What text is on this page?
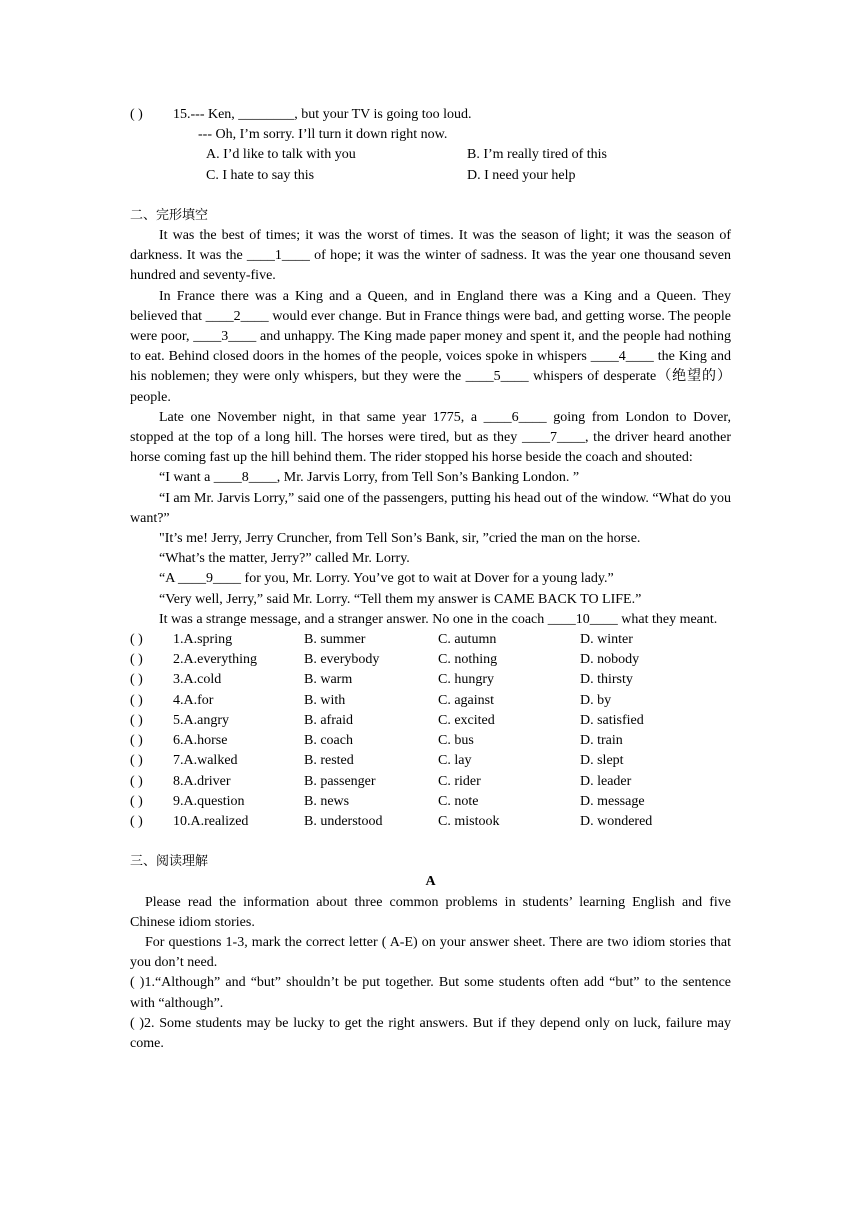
( )	15.--- Ken, ________, but your TV is going too loud.
--- Oh, I’m sorry. I’ll turn it down right now.
A. I’d like to talk with you	B. I’m really tired of this
C. I hate to say this	D. I need your help
二、完形填空

It was the best of times; it was the worst of times. It was the season of light; it was the season of darkness. It was the ____1____ of hope; it was the winter of sadness. It was the year one thousand seven hundred and seventy-five.

In France there was a King and a Queen, and in England there was a King and a Queen. They believed that ____2____ would ever change. But in France things were bad, and getting worse. The people were poor, ____3____ and unhappy. The King made paper money and spent it, and the people had nothing to eat. Behind closed doors in the homes of the people, voices spoke in whispers ____4____ the King and his noblemen; they were only whispers, but they were the ____5____ whispers of desperate（绝望的）people.

Late one November night, in that same year 1775, a ____6____ going from London to Dover, stopped at the top of a long hill. The horses were tired, but as they ____7____, the driver heard another horse coming fast up the hill behind them. The rider stopped his horse beside the coach and shouted:

“I want a ____8____, Mr. Jarvis Lorry, from Tell Son’s Banking London. ”

“I am Mr. Jarvis Lorry,” said one of the passengers, putting his head out of the window. “What do you want?”

"It’s me! Jerry, Jerry Cruncher, from Tell Son’s Bank, sir, ”cried the man on the horse.

“What’s the matter, Jerry?” called Mr. Lorry.

“A ____9____ for you, Mr. Lorry. You’ve got to wait at Dover for a young lady.”

“Very well, Jerry,” said Mr. Lorry. “Tell them my answer is CAME BACK TO LIFE.”

It was a strange message, and a stranger answer. No one in the coach ____10____ what they meant.

( )	1.A.spring	B. summer	C. autumn	D. winter
( )	2.A.everything	B. everybody	C. nothing	D. nobody
( )	3.A.cold	B. warm	C. hungry	D. thirsty
( )	4.A.for	B. with	C. against	D. by
( )	5.A.angry	B. afraid	C. excited	D. satisfied
( )	6.A.horse	B. coach	C. bus	D. train
( )	7.A.walked	B. rested	C. lay	D. slept
( )	8.A.driver	B. passenger	C. rider	D. leader
( )	9.A.question	B. news	C. note	D. message
( )	10.A.realized	B. understood	C. mistook	D. wondered
三、阅读理解
A

Please read the information about three common problems in students’ learning English and five Chinese idiom stories.

For questions 1-3, mark the correct letter ( A-E) on your answer sheet. There are two idiom stories that you don’t need.

( )1.“Although” and “but” shouldn’t be put together. But some students often add “but” to the sentence with “although”.

( )2. Some students may be lucky to get the right answers. But if they depend only on luck, failure may come.
